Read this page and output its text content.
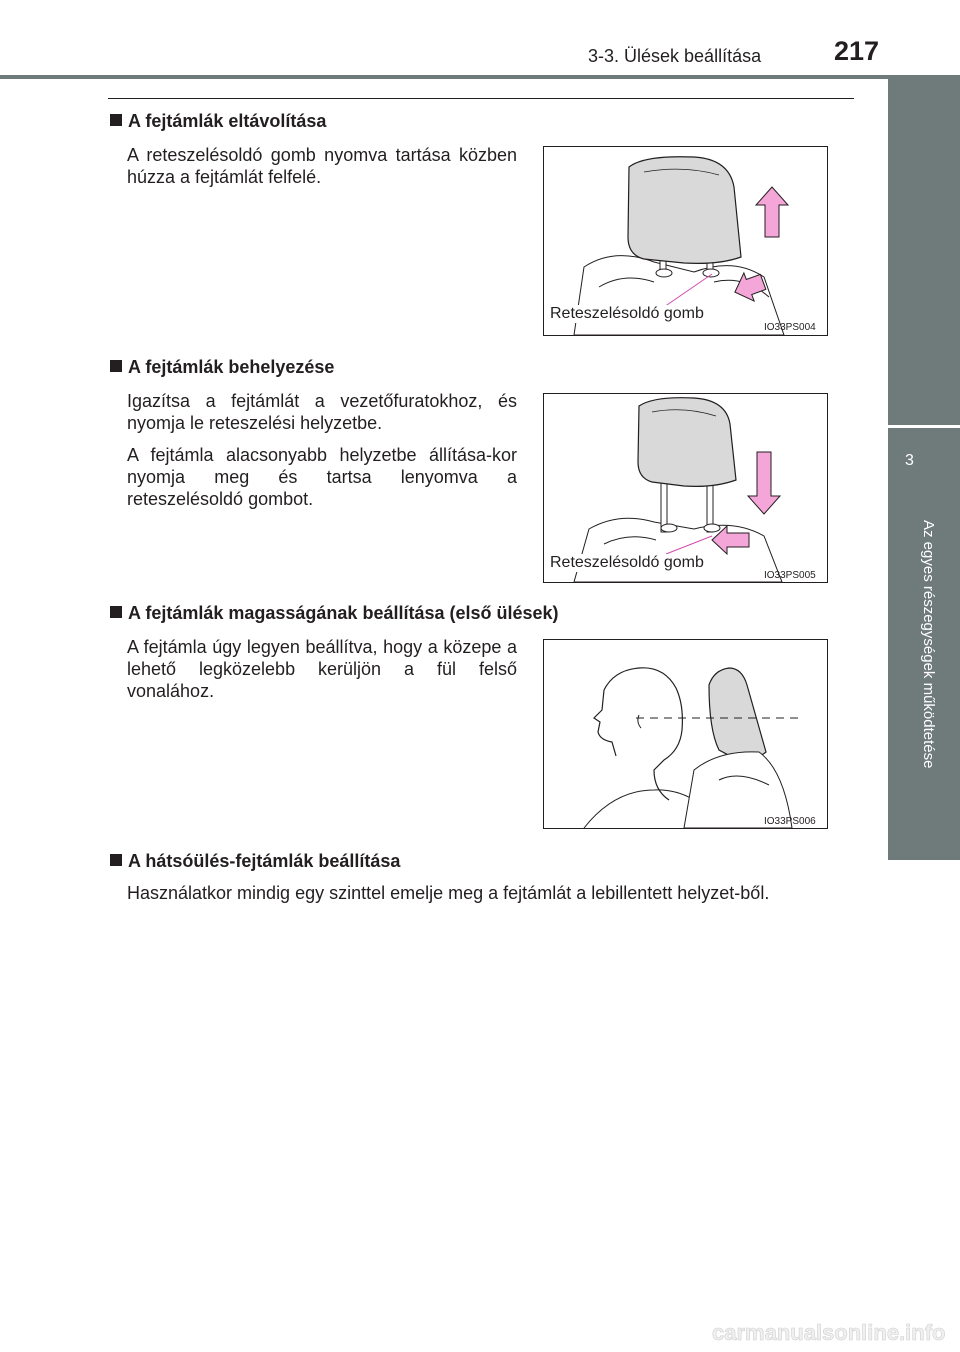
3-3. Ülések beállítása	217
3
Az egyes részegységek működtetése
A fejtámlák eltávolítása
A reteszelésoldó gomb nyomva tartása közben húzza a fejtámlát felfelé.
Reteszelésoldó gomb
IO33PS004
A fejtámlák behelyezése
Igazítsa a fejtámlát a vezetőfuratokhoz, és nyomja le reteszelési helyzetbe.
A fejtámla alacsonyabb helyzetbe állítása-kor nyomja meg és tartsa lenyomva a reteszelésoldó gombot.
Reteszelésoldó gomb
IO33PS005
A fejtámlák magasságának beállítása (első ülések)
A fejtámla úgy legyen beállítva, hogy a közepe a lehető legközelebb kerüljön a fül felső vonalához.
IO33PS006
A hátsóülés-fejtámlák beállítása
Használatkor mindig egy szinttel emelje meg a fejtámlát a lebillentett helyzet-ből.
carmanualsonline.info
